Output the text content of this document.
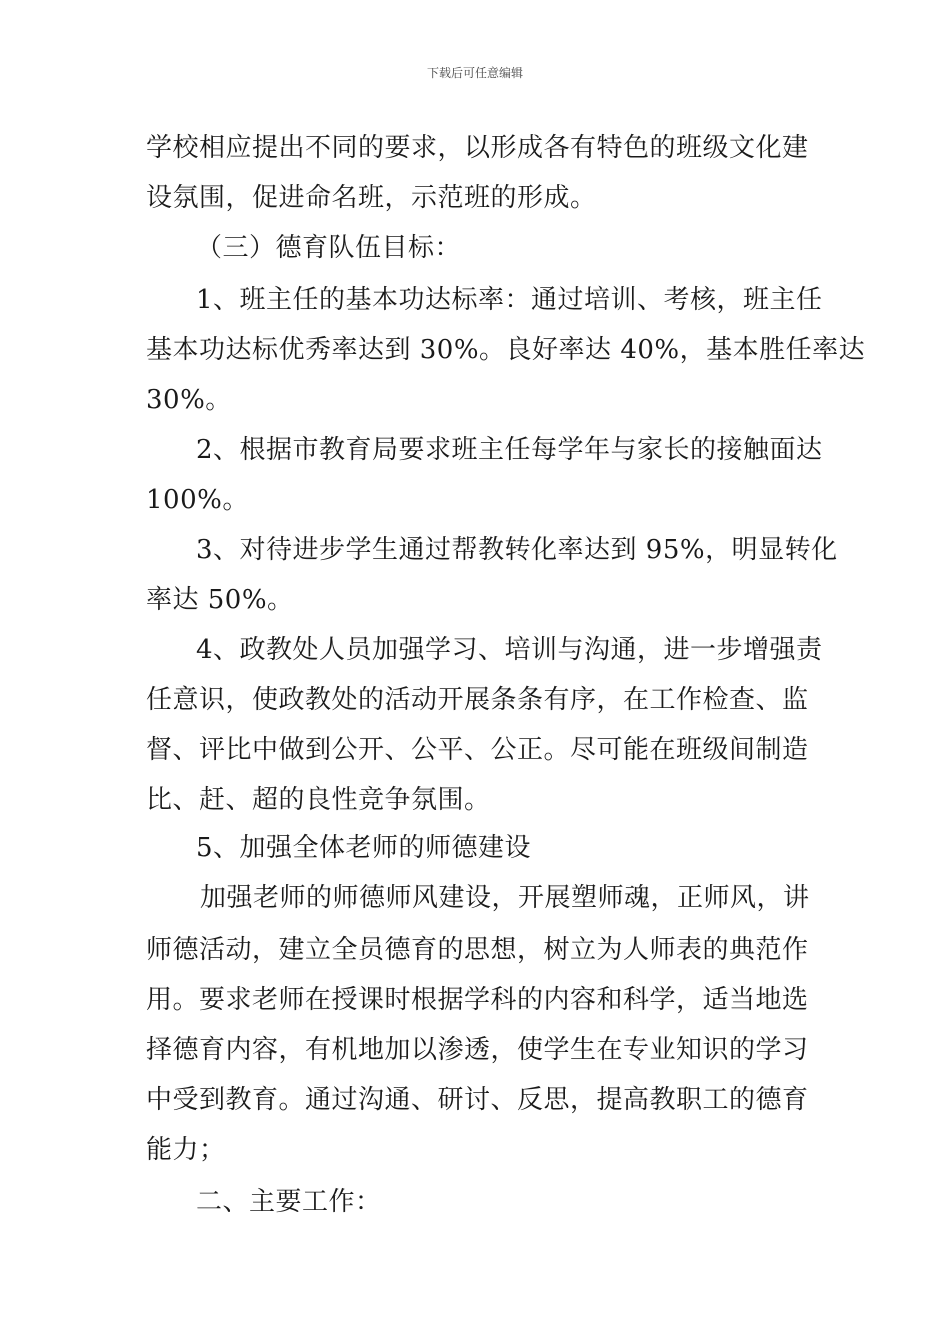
下载后可任意编辑
学校相应提出不同的要求，以形成各有特色的班级文化建
设氛围，促进命名班，示范班的形成。
（三）德育队伍目标：
1、班主任的基本功达标率：通过培训、考核，班主任
基本功达标优秀率达到 30%。良好率达 40%，基本胜任率达
30%。
2、根据市教育局要求班主任每学年与家长的接触面达
100%。
3、对待进步学生通过帮教转化率达到 95%，明显转化
率达 50%。
4、政教处人员加强学习、培训与沟通，进一步增强责
任意识，使政教处的活动开展条条有序，在工作检查、监
督、评比中做到公开、公平、公正。尽可能在班级间制造
比、赶、超的良性竞争氛围。
5、加强全体老师的师德建设
加强老师的师德师风建设，开展塑师魂，正师风，讲
师德活动，建立全员德育的思想，树立为人师表的典范作
用。要求老师在授课时根据学科的内容和科学，适当地选
择德育内容，有机地加以渗透，使学生在专业知识的学习
中受到教育。通过沟通、研讨、反思，提高教职工的德育
能力；
二、主要工作：
